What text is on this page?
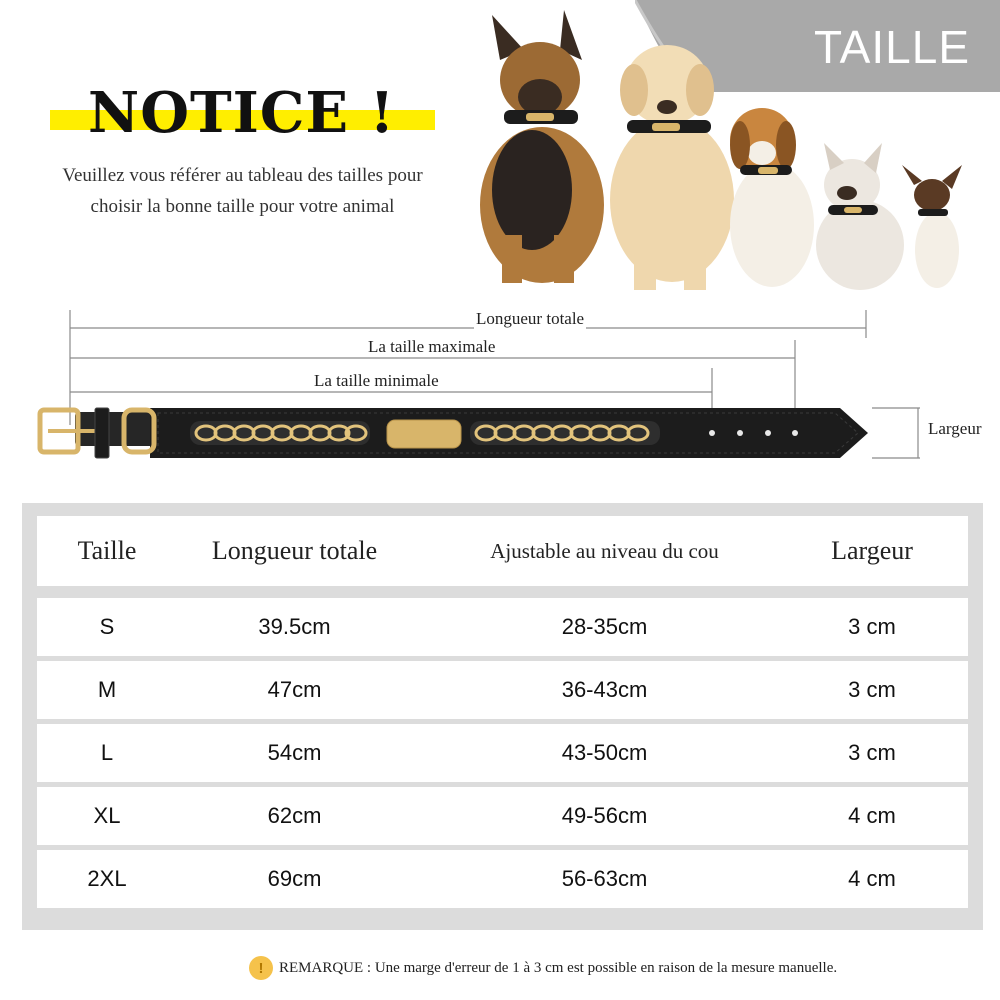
TAILLE
NOTICE !
Veuillez vous référer au tableau des tailles pour
choisir la bonne taille pour votre animal
Longueur totale
La taille maximale
La taille minimale
Largeur
Taille	Longueur totale	Ajustable au niveau du cou	Largeur
S	39.5cm	28-35cm	3 cm
M	47cm	36-43cm	3 cm
L	54cm	43-50cm	3 cm
XL	62cm	49-56cm	4 cm
2XL	69cm	56-63cm	4 cm
!	REMARQUE : Une marge d'erreur de 1 à 3 cm est possible en raison de la mesure manuelle.
